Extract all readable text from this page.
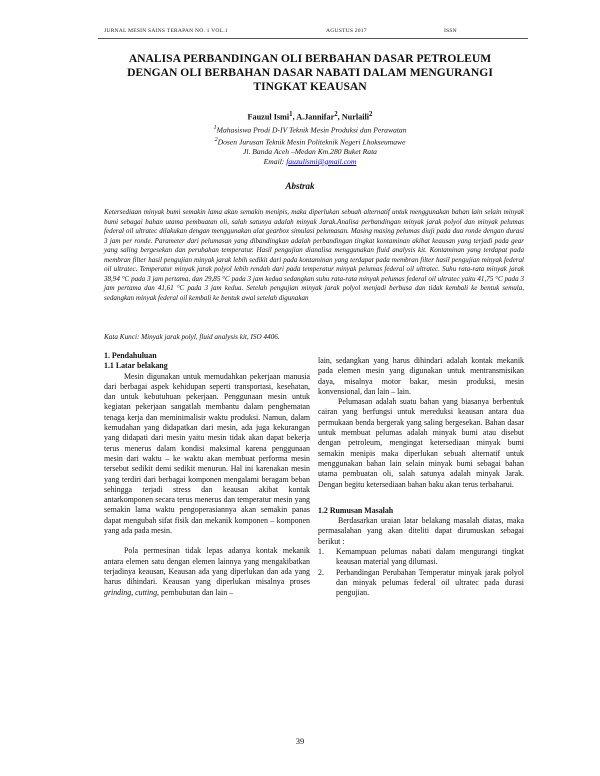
JURNAL MESIN SAINS TERAPAN NO. 1 VOL.1	AGUSTUS 2017	ISSN
ANALISA PERBANDINGAN OLI BERBAHAN DASAR PETROLEUM
DENGAN OLI BERBAHAN DASAR NABATI DALAM MENGURANGI
TINGKAT KEAUSAN
Fauzul Ismi$^1$, A.Jannifar$^2$, Nurlaili$^2$
$^1$Mahasiswa Prodi D-IV Teknik Mesin Produksi dan Perawatan
$^2$Dosen Jurusan Teknik Mesin Politeknik Negeri Lhokseumawe
Jl. Banda Aceh –Medan Km.280 Buket Rata
Email: fauzulismi@gmail.com
Abstrak
Ketersediaan minyak bumi semakin lama akan semakin menipis, maka diperlukan sebuah alternatif untuk menggunakan bahan lain selain minyak bumi sebagai bahan utama pembuatan oli, salah satunya adalah minyak Jarak.Analisa perbandingan minyak jarak polyol dan minyak pelumas federal oil ultratec dilakukan dengan menggunakan alat gearbox simulasi pelumasan. Masing masing pelumas diuji pada dua ronde dengan durasi 3 jam per ronde. Parameter dari pelumasan yang dibandingkan adalah perbandingan tingkat kontaminan akibat keausan yang terjadi pada gear yang saling bergesekan dan perubahan temperatur. Hasil pengujian dianalisa menggunakan fluid analysis kit. Kontaminan yang terdapat pada membran filter hasil pengujian minyak jarak lebih sedikit dari pada kontaminan yang terdapat pada membran filter hasil pengujian minyak federal oil ultratec. Temperatur minyak jarak polyol lebih rendah dari pada temperatur minyak pelumas federal oil ultratec. Suhu rata-rata minyak jarak 38,94 °C pada 3 jam pertama, dan 29,85 °C pada 3 jam kedua sedangkan suhu rata-rata minyak pelumas federal oil ultratec yaitu 41,75 °C pada 3 jam pertama dan 41,61 °C pada 3 jam kedua. Setelah pengujian minyak jarak polyol menjadi berbusa dan tidak kembali ke bentuk semula, sedangkan minyak federal oil kembali ke bentuk awal setelah digunakan
Kata Kunci: Minyak jarak polyl, fluid analysis kit, ISO 4406.

1. Pendahuluan

1.1 Latar belakang

Mesin digunakan untuk memudahkan pekerjaan manusia dari berbagai aspek kehidupan seperti transportasi, kesehatan, dan untuk kebutuhuan pekerjaan. Penggunaan mesin untuk kegiatan pekerjaan sangatlah membantu dalam penghematan tenaga kerja dan meminimalisir waktu produksi. Namun, dalam kemudahan yang didapatkan dari mesin, ada juga kekurangan yang didapati dari mesin yaitu mesin tidak akan dapat bekerja terus menerus dalam kondisi maksimal karena penggunaan mesin dari waktu – ke waktu akan membuat performa mesin tersebut sedikit demi sedikit menurun. Hal ini karenakan mesin yang terdiri dari berbagai komponen mengalami beragam beban sehingga terjadi stress dan keausan akibat kontak antarkomponen secara terus menerus dan temperatur mesin yang semakin lama waktu pengoperasiannya akan semakin panas dapat mengubah sifat fisik dan mekanik komponen – komponen yang ada pada mesin.

Pola permesinan tidak lepas adanya kontak mekanik antara elemen satu dengan elemen lainnya yang mengakibatkan terjadinya keausan, Keausan ada yang diperlukan dan ada yang harus dihindari. Keausan yang diperlukan misalnya proses grinding, cutting, pembubutan dan lain –

lain, sedangkan yang harus dihindari adalah kontak mekanik pada elemen mesin yang digunakan untuk mentransmisikan daya, misalnya motor bakar, mesin produksi, mesin konvensional, dan lain – lain.

Pelumasan adalah suatu bahan yang biasanya berbentuk cairan yang berfungsi untuk mereduksi keausan antara dua permukaan benda bergerak yang saling bergesekan. Bahan dasar untuk membuat pelumas adalah minyak bumi atau disebut dengan petroleum, mengingat ketersediaan minyak bumi semakin menipis maka diperlukan sebuah alternatif untuk menggunakan bahan lain selain minyak bumi sebagai bahan utama pembuatan oli, salah satunya adalah minyak Jarak. Dengan begitu ketersediaan bahan baku akan terus terbaharui.

1.2 Rumusan Masalah

Berdasarkan uraian latar belakang masalah diatas, maka permasalahan yang akan diteliti dapat dirumuskan sebagai berikut :

1.	Kemampuan pelumas nabati dalam mengurangi tingkat keausan material yang dilumasi.
2.	Perbandingan Perubahan Temperatur minyak jarak polyol dan minyak pelumas federal oil ultratec pada durasi pengujian.
39
